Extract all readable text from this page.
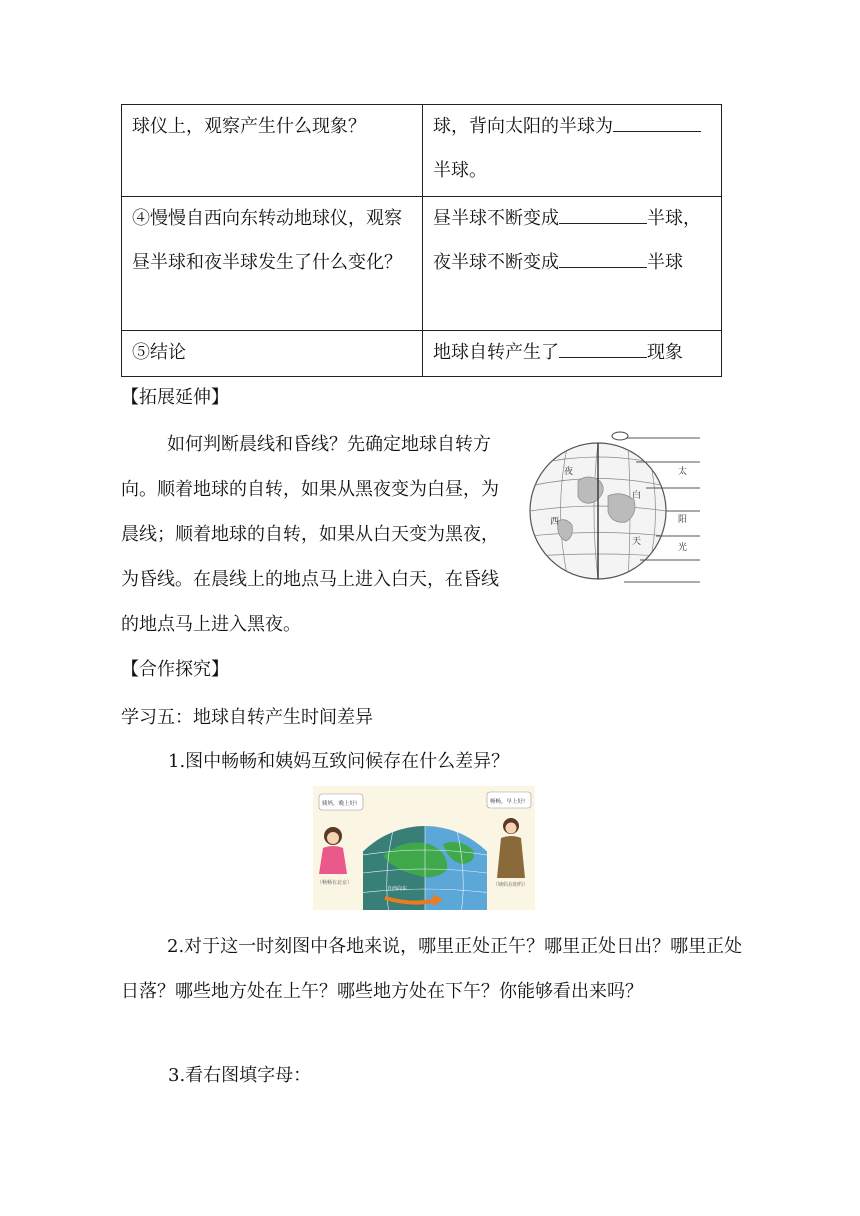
球仪上，观察产生什么现象？	球，背向太阳的半球为
半球。

④慢慢自西向东转动地球仪，观察昼半球和夜半球发生了什么变化？	昼半球不断变成 半球，
夜半球不断变成 半球

⑤结论	地球自转产生了 现象
【拓展延伸】
如何判断晨线和昏线？先确定地球自转方向。顺着地球的自转，如果从黑夜变为白昼，为晨线；顺着地球的自转，如果从白天变为黑夜，为昏线。在晨线上的地点马上进入白天，在昏线的地点马上进入黑夜。
夜
白
西
天
太
阳
光
【合作探究】
学习五：地球自转产生时间差异
1.图中畅畅和姨妈互致问候存在什么差异？
姨妈，晚上好!	畅畅，早上好!
（畅畅在北京）	（姨妈在纽约）
自西向东
2.对于这一时刻图中各地来说，哪里正处正午？哪里正处日出？哪里正处日落？哪些地方处在上午？哪些地方处在下午？你能够看出来吗？
3.看右图填字母：
